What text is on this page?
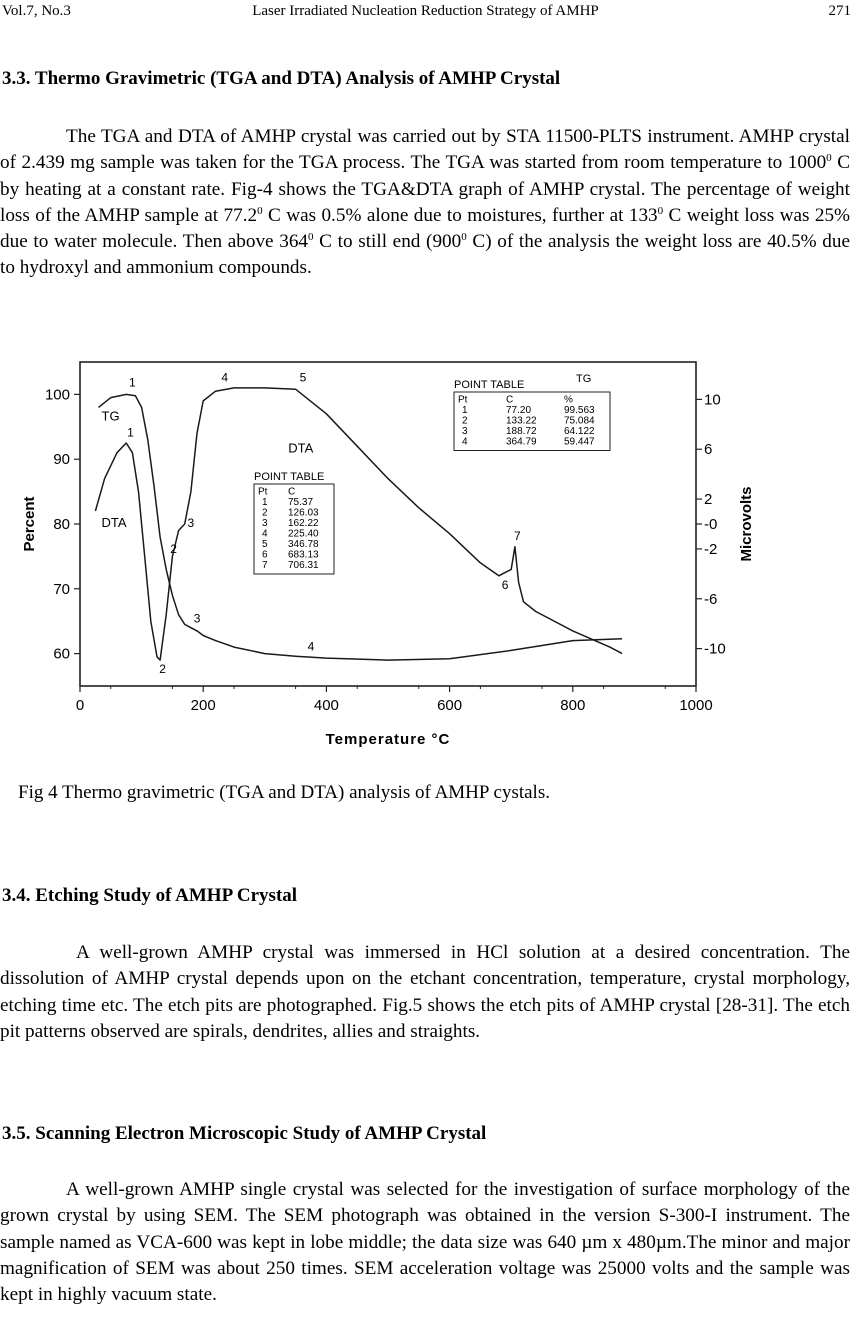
Vol.7, No.3	Laser Irradiated Nucleation Reduction Strategy of AMHP	271
3.3. Thermo Gravimetric (TGA and DTA) Analysis of AMHP Crystal

The TGA and DTA of AMHP crystal was carried out by STA 11500-PLTS instrument. AMHP crystal of 2.439 mg sample was taken for the TGA process. The TGA was started from room temperature to 1000$^0$ C by heating at a constant rate. Fig-4 shows the TGA&DTA graph of AMHP crystal. The percentage of weight loss of the AMHP sample at 77.2$^0$ C was 0.5% alone due to moistures, further at $133^0$ C weight loss was 25% due to water molecule. Then above $364^0$ C to still end ($900^0$ C) of the analysis the weight loss are 40.5% due to hydroxyl and ammonium compounds.

0	200	400	600	800	1000
60
70
80
90
100
-10
-6
-2
-0
2
6
10
Temperature °C
Percent	Microvolts
1
2
3
4
1
2
3
4	5
6
7
TG
DTA
DTA
POINT TABLE	TG
Pt	C	%
1	77.20	99.563
2	133.22	75.084
3	188.72	64.122
4	364.79	59.447
POINT TABLE
Pt C
1 75.37
2 126.03
3 162.22
4 225.40
5 346.78
6 683.13
7 706.31
Fig 4 Thermo gravimetric (TGA and DTA) analysis of AMHP cystals.
3.4. Etching Study of AMHP Crystal

A well-grown AMHP crystal was immersed in HCl solution at a desired concentration. The dissolution of AMHP crystal depends upon on the etchant concentration, temperature, crystal morphology, etching time etc. The etch pits are photographed. Fig.5 shows the etch pits of AMHP crystal [28-31]. The etch pit patterns observed are spirals, dendrites, allies and straights.

3.5. Scanning Electron Microscopic Study of AMHP Crystal

A well-grown AMHP single crystal was selected for the investigation of surface morphology of the grown crystal by using SEM. The SEM photograph was obtained in the version S-300-I instrument. The sample named as VCA-600 was kept in lobe middle; the data size was 640 µm x 480µm.The minor and major magnification of SEM was about 250 times. SEM acceleration voltage was 25000 volts and the sample was kept in highly vacuum state.
